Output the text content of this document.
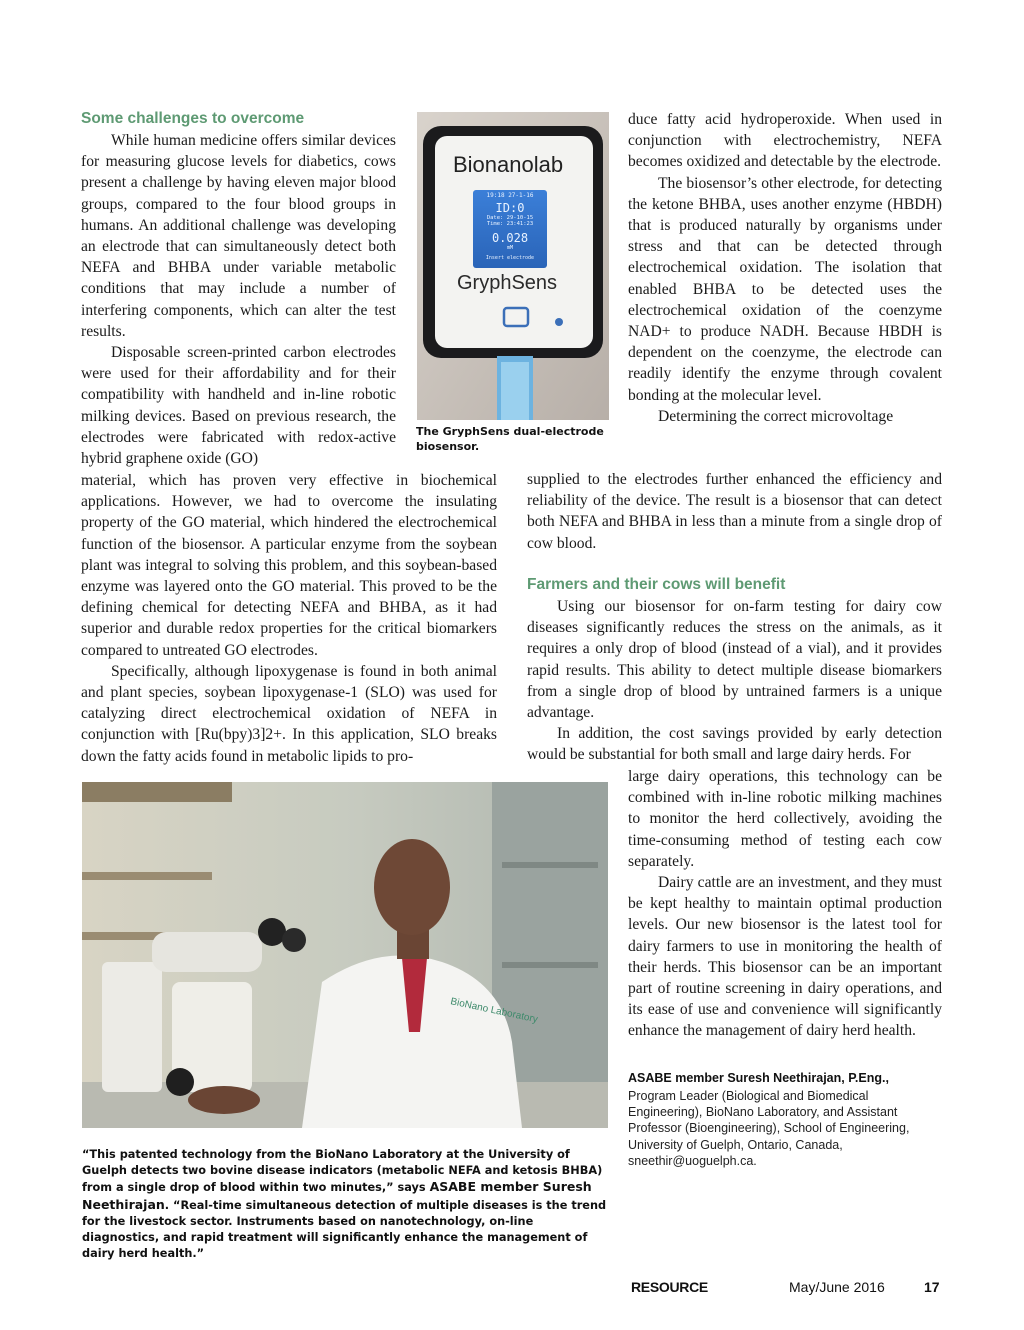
Some challenges to overcome

While human medicine offers similar devices for measuring glucose levels for diabetics, cows present a challenge by having eleven major blood groups, compared to the four blood groups in humans. An additional challenge was developing an electrode that can simultaneously detect both NEFA and BHBA under variable metabolic conditions that may include a number of interfering components, which can alter the test results.

Disposable screen-printed carbon electrodes were used for their affordability and for their compatibility with handheld and in-line robotic milking devices. Based on previous research, the electrodes were fabricated with redox-active hybrid graphene oxide (GO)

material, which has proven very effective in biochemical applications. However, we had to overcome the insulating property of the GO material, which hindered the electrochemical function of the biosensor. A particular enzyme from the soybean plant was integral to solving this problem, and this soybean-based enzyme was layered onto the GO material. This proved to be the defining chemical for detecting NEFA and BHBA, as it had superior and durable redox properties for the critical biomarkers compared to untreated GO electrodes.

Specifically, although lipoxygenase is found in both animal and plant species, soybean lipoxygenase-1 (SLO) was used for catalyzing direct electrochemical oxidation of NEFA in conjunction with [Ru(bpy)3]2+. In this application, SLO breaks down the fatty acids found in metabolic lipids to pro-

Bionanolab
19:18 27-1-16
ID:0
Date: 29-10-15
Time: 23:41:23
0.028
mM
Insert electrode
GryphSens
The GryphSens dual-electrode biosensor.

duce fatty acid hydroperoxide. When used in conjunction with electrochemistry, NEFA becomes oxidized and detectable by the electrode.

The biosensor’s other electrode, for detecting the ketone BHBA, uses another enzyme (HBDH) that is produced naturally by organisms under stress and that can be detected through electrochemical oxidation. The isolation that enabled BHBA to be detected uses the electrochemical oxidation of the coenzyme NAD+ to produce NADH. Because HBDH is dependent on the coenzyme, the electrode can readily identify the enzyme through covalent bonding at the molecular level.

Determining the correct microvoltage

supplied to the electrodes further enhanced the efficiency and reliability of the device. The result is a biosensor that can detect both NEFA and BHBA in less than a minute from a single drop of cow blood.

Farmers and their cows will benefit

Using our biosensor for on-farm testing for dairy cow diseases significantly reduces the stress on the animals, as it requires a only drop of blood (instead of a vial), and it provides rapid results. This ability to detect multiple disease biomarkers from a single drop of blood by untrained farmers is a unique advantage.

In addition, the cost savings provided by early detection would be substantial for both small and large dairy herds. For

large dairy operations, this technology can be combined with in-line robotic milking machines to monitor the herd collectively, avoiding the time-consuming method of testing each cow separately.

Dairy cattle are an investment, and they must be kept healthy to maintain optimal production levels. Our new biosensor is the latest tool for dairy farmers to use in monitoring the health of their herds. This biosensor can be an important part of routine screening in dairy operations, and its ease of use and convenience will significantly enhance the management of dairy herd health.

ASABE member Suresh Neethirajan, P.Eng.,
Program Leader (Biological and Biomedical Engineering), BioNano Laboratory, and Assistant Professor (Bioengineering), School of Engineering, University of Guelph, Ontario, Canada, sneethir@uoguelph.ca.
BioNano Laboratory
“This patented technology from the BioNano Laboratory at the University of Guelph detects two bovine disease indicators (metabolic NEFA and ketosis BHBA) from a single drop of blood within two minutes,” says ASABE member Suresh Neethirajan. “Real-time simultaneous detection of multiple diseases is the trend for the livestock sector. Instruments based on nanotechnology, on-line diagnostics, and rapid treatment will significantly enhance the management of dairy herd health.”
RESOURCE	May/June 2016	17
